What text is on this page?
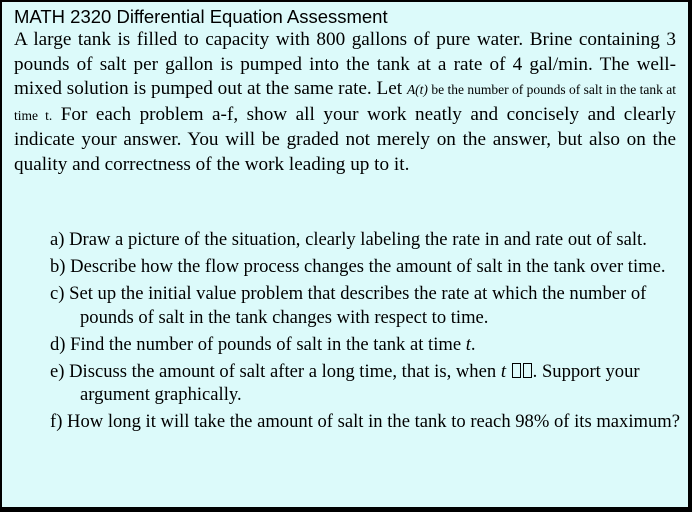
MATH 2320 Differential Equation Assessment

A large tank is filled to capacity with 800 gallons of pure water. Brine containing 3 pounds of salt per gallon is pumped into the tank at a rate of 4 gal/min. The well- mixed solution is pumped out at the same rate. Let A(t) be the number of pounds of salt in the tank at time t. For each problem a-f, show all your work neatly and concisely and clearly indicate your answer. You will be graded not merely on the answer, but also on the quality and correctness of the work leading up to it.

a) Draw a picture of the situation, clearly labeling the rate in and rate out of salt.
b) Describe how the flow process changes the amount of salt in the tank over time.
c) Set up the initial value problem that describes the rate at which the number of pounds of salt in the tank changes with respect to time.
d) Find the number of pounds of salt in the tank at time t.
e) Discuss the amount of salt after a long time, that is, when t . Support your argument graphically.
f) How long it will take the amount of salt in the tank to reach 98% of its maximum?
